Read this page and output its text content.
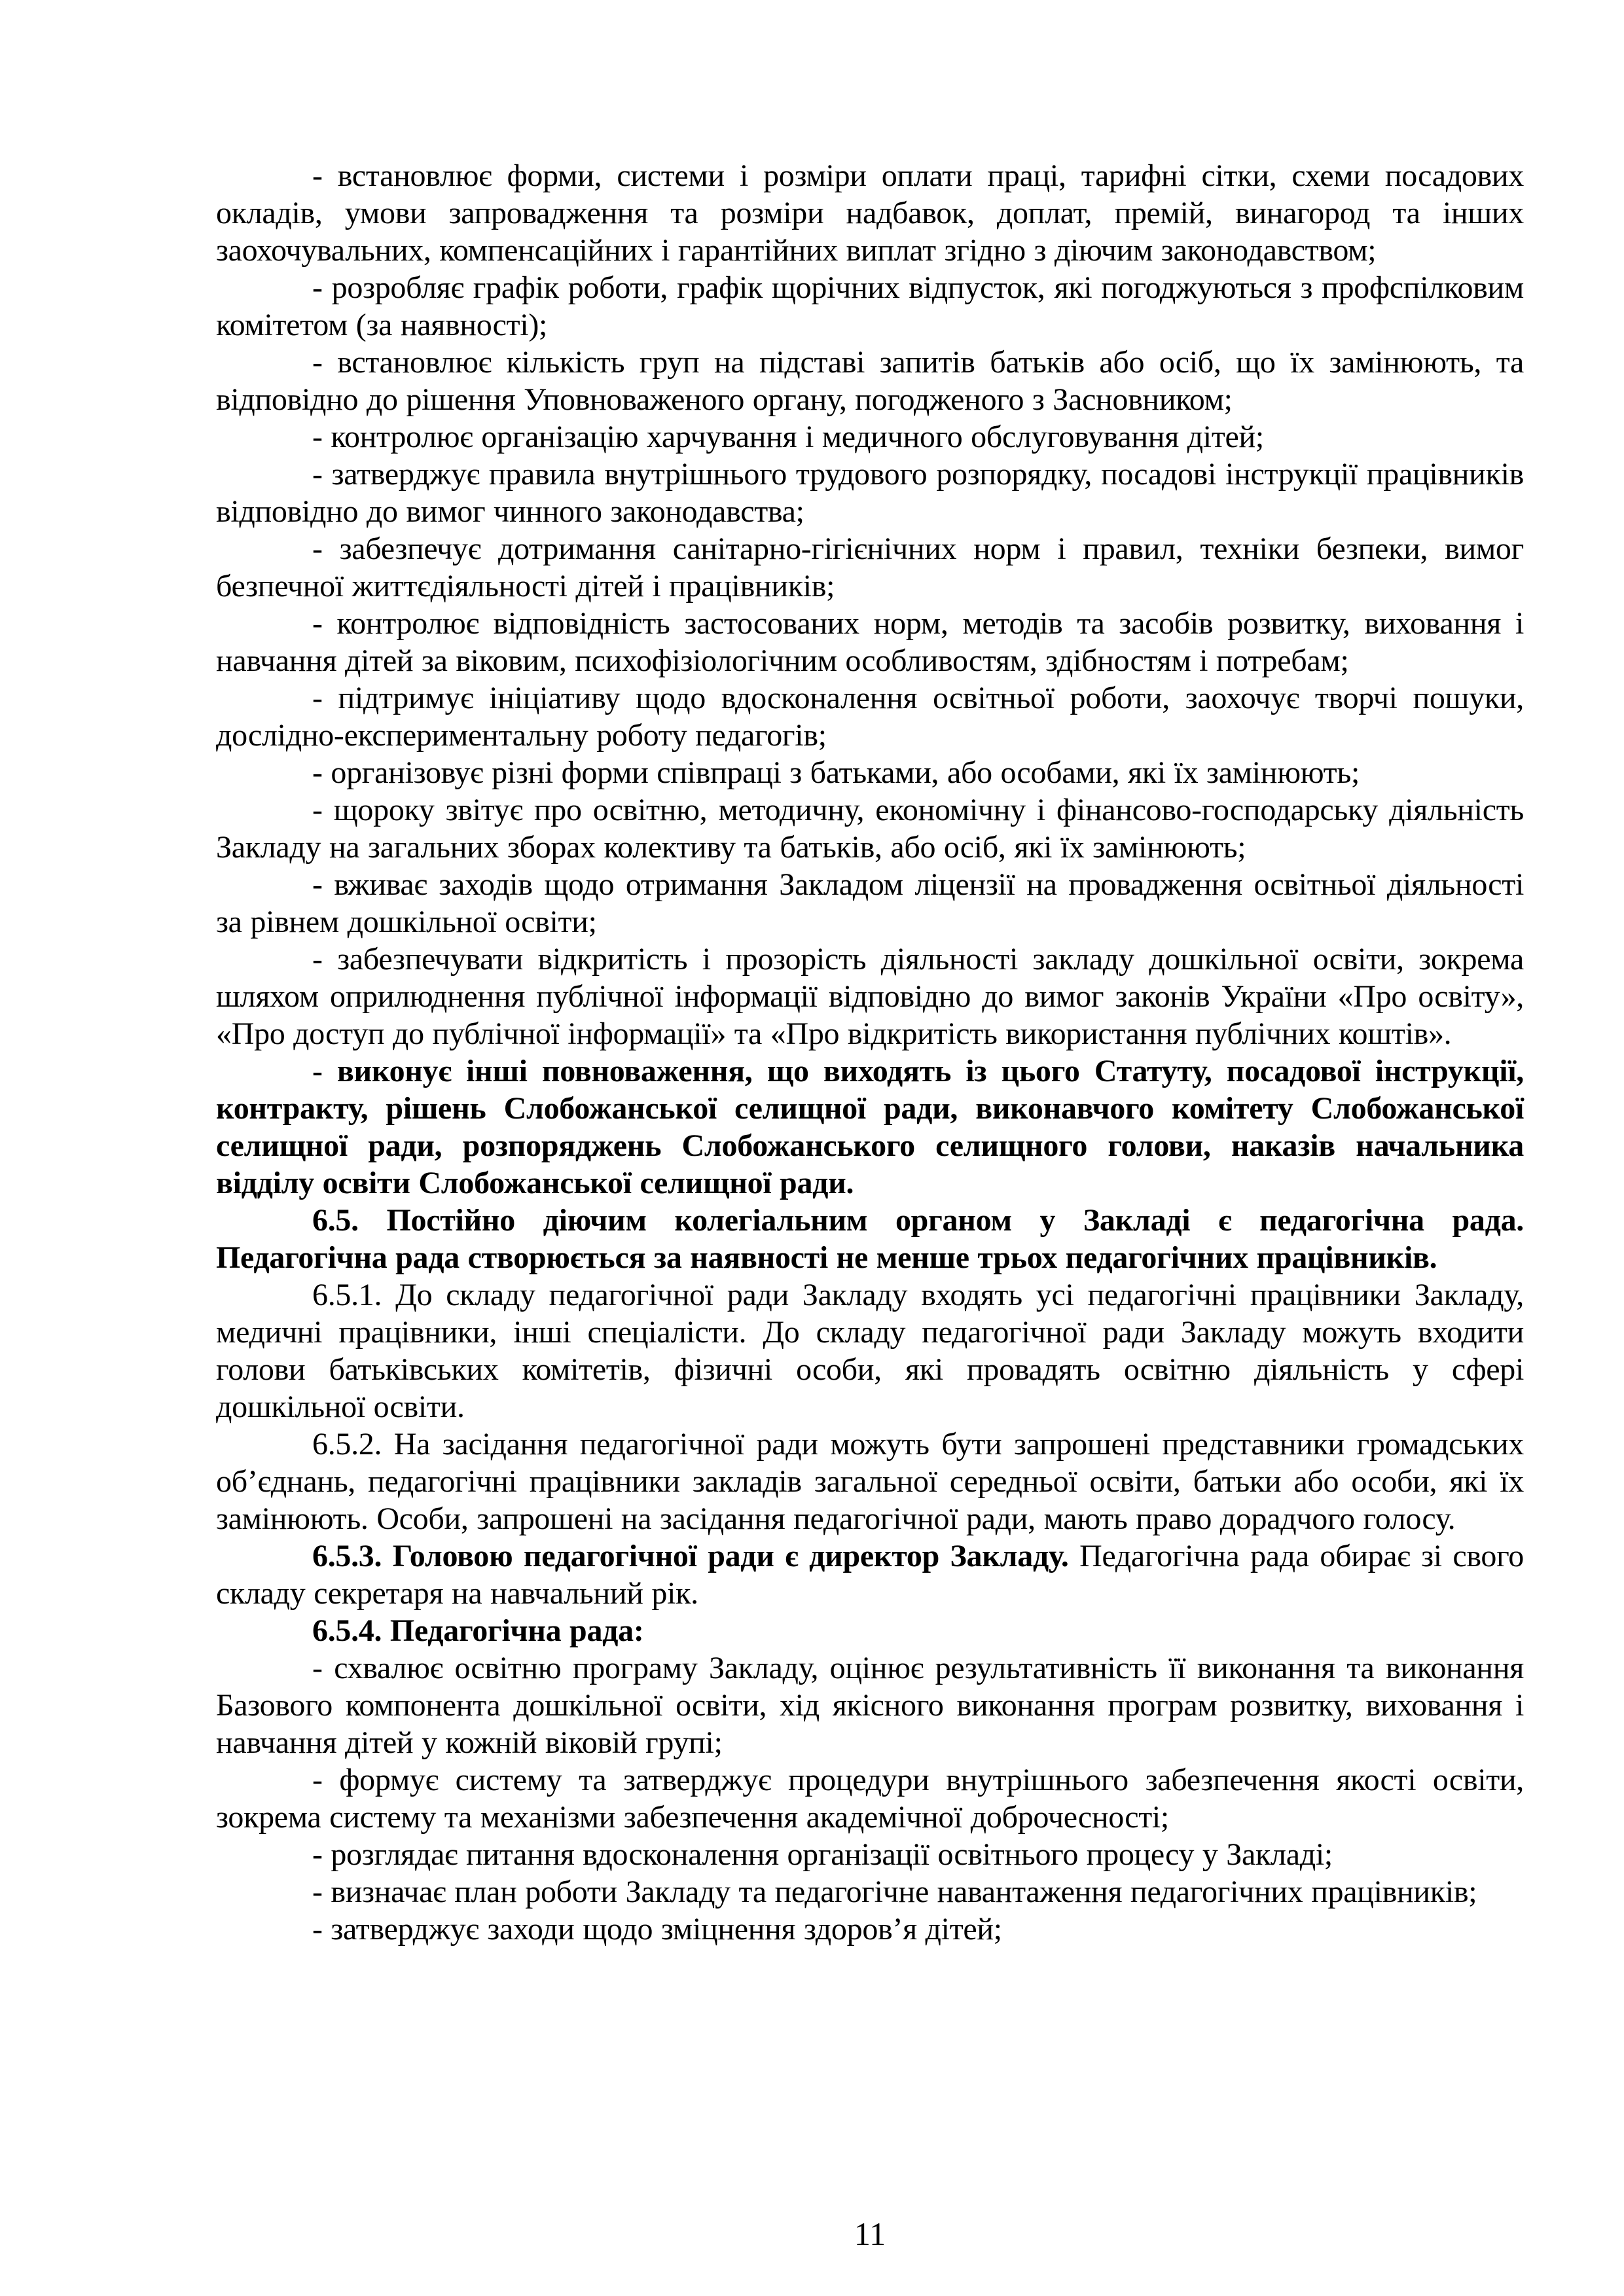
- встановлює форми, системи і розміри оплати праці, тарифні сітки, схеми посадових окладів, умови запровадження та розміри надбавок, доплат, премій, винагород та інших заохочувальних, компенсаційних і гарантійних виплат згідно з діючим законодавством;

- розробляє графік роботи, графік щорічних відпусток, які погоджуються з профспілковим комітетом (за наявності);

- встановлює кількість груп на підставі запитів батьків або осіб, що їх замінюють, та відповідно до рішення Уповноваженого органу, погодженого з Засновником;

- контролює організацію харчування і медичного обслуговування дітей;

- затверджує правила внутрішнього трудового розпорядку, посадові інструкції працівників відповідно до вимог чинного законодавства;

- забезпечує дотримання санітарно-гігієнічних норм і правил, техніки безпеки, вимог безпечної життєдіяльності дітей і працівників;

- контролює відповідність застосованих норм, методів та засобів розвитку, виховання і навчання дітей за віковим, психофізіологічним особливостям, здібностям і потребам;

- підтримує ініціативу щодо вдосконалення освітньої роботи, заохочує творчі пошуки, дослідно-експериментальну роботу педагогів;

- організовує різні форми співпраці з батьками, або особами, які їх замінюють;

- щороку звітує про освітню, методичну, економічну і фінансово-господарську діяльність Закладу на загальних зборах колективу та батьків, або осіб, які їх замінюють;

- вживає заходів щодо отримання Закладом ліцензії на провадження освітньої діяльності за рівнем дошкільної освіти;

- забезпечувати відкритість і прозорість діяльності закладу дошкільної освіти, зокрема шляхом оприлюднення публічної інформації відповідно до вимог законів України «Про освіту», «Про доступ до публічної інформації» та «Про відкритість використання публічних коштів».

- виконує інші повноваження, що виходять із цього Статуту, посадової інструкції, контракту, рішень Слобожанської селищної ради, виконавчого комітету Слобожанської селищної ради, розпоряджень Слобожанського селищного голови, наказів начальника відділу освіти Слобожанської селищної ради.

6.5. Постійно діючим колегіальним органом у Закладі є педагогічна рада. Педагогічна рада створюється за наявності не менше трьох педагогічних працівників.

6.5.1. До складу педагогічної ради Закладу входять усі педагогічні працівники Закладу, медичні працівники, інші спеціалісти. До складу педагогічної ради Закладу можуть входити голови батьківських комітетів, фізичні особи, які провадять освітню діяльність у сфері дошкільної освіти.

6.5.2. На засідання педагогічної ради можуть бути запрошені представники громадських об’єднань, педагогічні працівники закладів загальної середньої освіти, батьки або особи, які їх замінюють. Особи, запрошені на засідання педагогічної ради, мають право дорадчого голосу.

6.5.3. Головою педагогічної ради є директор Закладу. Педагогічна рада обирає зі свого складу секретаря на навчальний рік.

6.5.4. Педагогічна рада:

- схвалює освітню програму Закладу, оцінює результативність її виконання та виконання Базового компонента дошкільної освіти, хід якісного виконання програм розвитку, виховання і навчання дітей у кожній віковій групі;

- формує систему та затверджує процедури внутрішнього забезпечення якості освіти, зокрема систему та механізми забезпечення академічної доброчесності;

- розглядає питання вдосконалення організації освітнього процесу у Закладі;

- визначає план роботи Закладу та педагогічне навантаження педагогічних працівників;

- затверджує заходи щодо зміцнення здоров’я дітей;

11
